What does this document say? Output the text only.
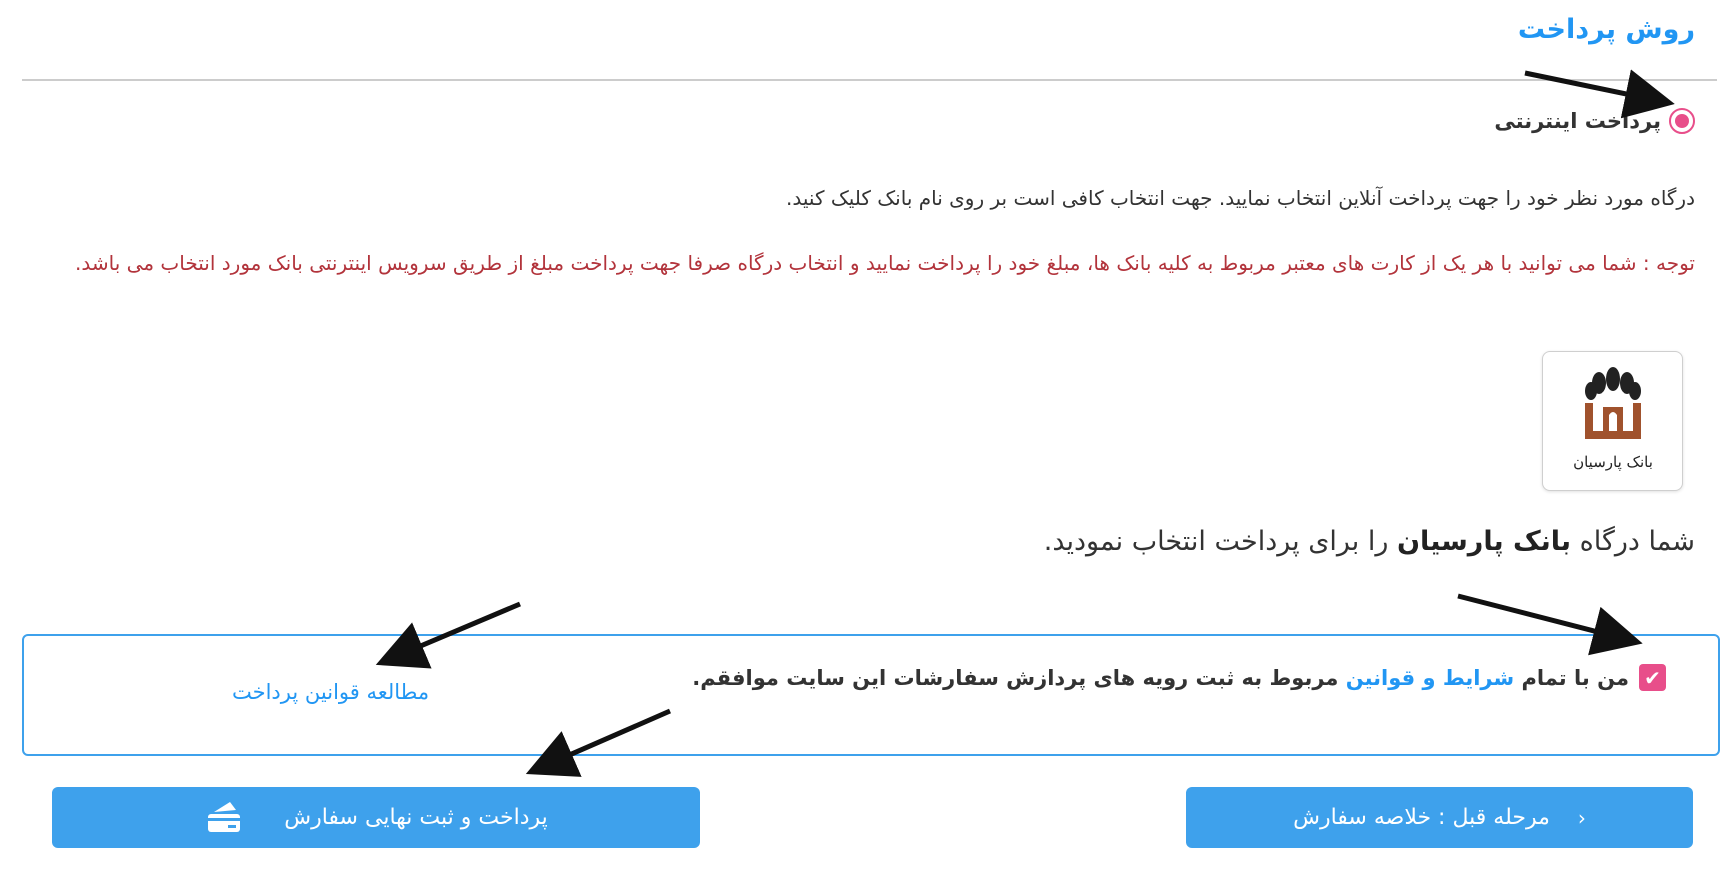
روش پرداخت
پرداخت اینترنتی
درگاه مورد نظر خود را جهت پرداخت آنلاین انتخاب نمایید. جهت انتخاب کافی است بر روی نام بانک کلیک کنید.
توجه : شما می توانید با هر یک از کارت های معتبر مربوط به کلیه بانک ها، مبلغ خود را پرداخت نمایید و انتخاب درگاه صرفا جهت پرداخت مبلغ از طریق سرویس اینترنتی بانک مورد انتخاب می باشد.
بانک پارسیان
شما درگاه بانک پارسیان را برای پرداخت انتخاب نمودید.
✔
من با تمام شرایط و قوانین مربوط به ثبت رویه های پردازش سفارشات این سایت موافقم.
مطالعه قوانین پرداخت
‹
مرحله قبل : خلاصه سفارش
پرداخت و ثبت نهایی سفارش
